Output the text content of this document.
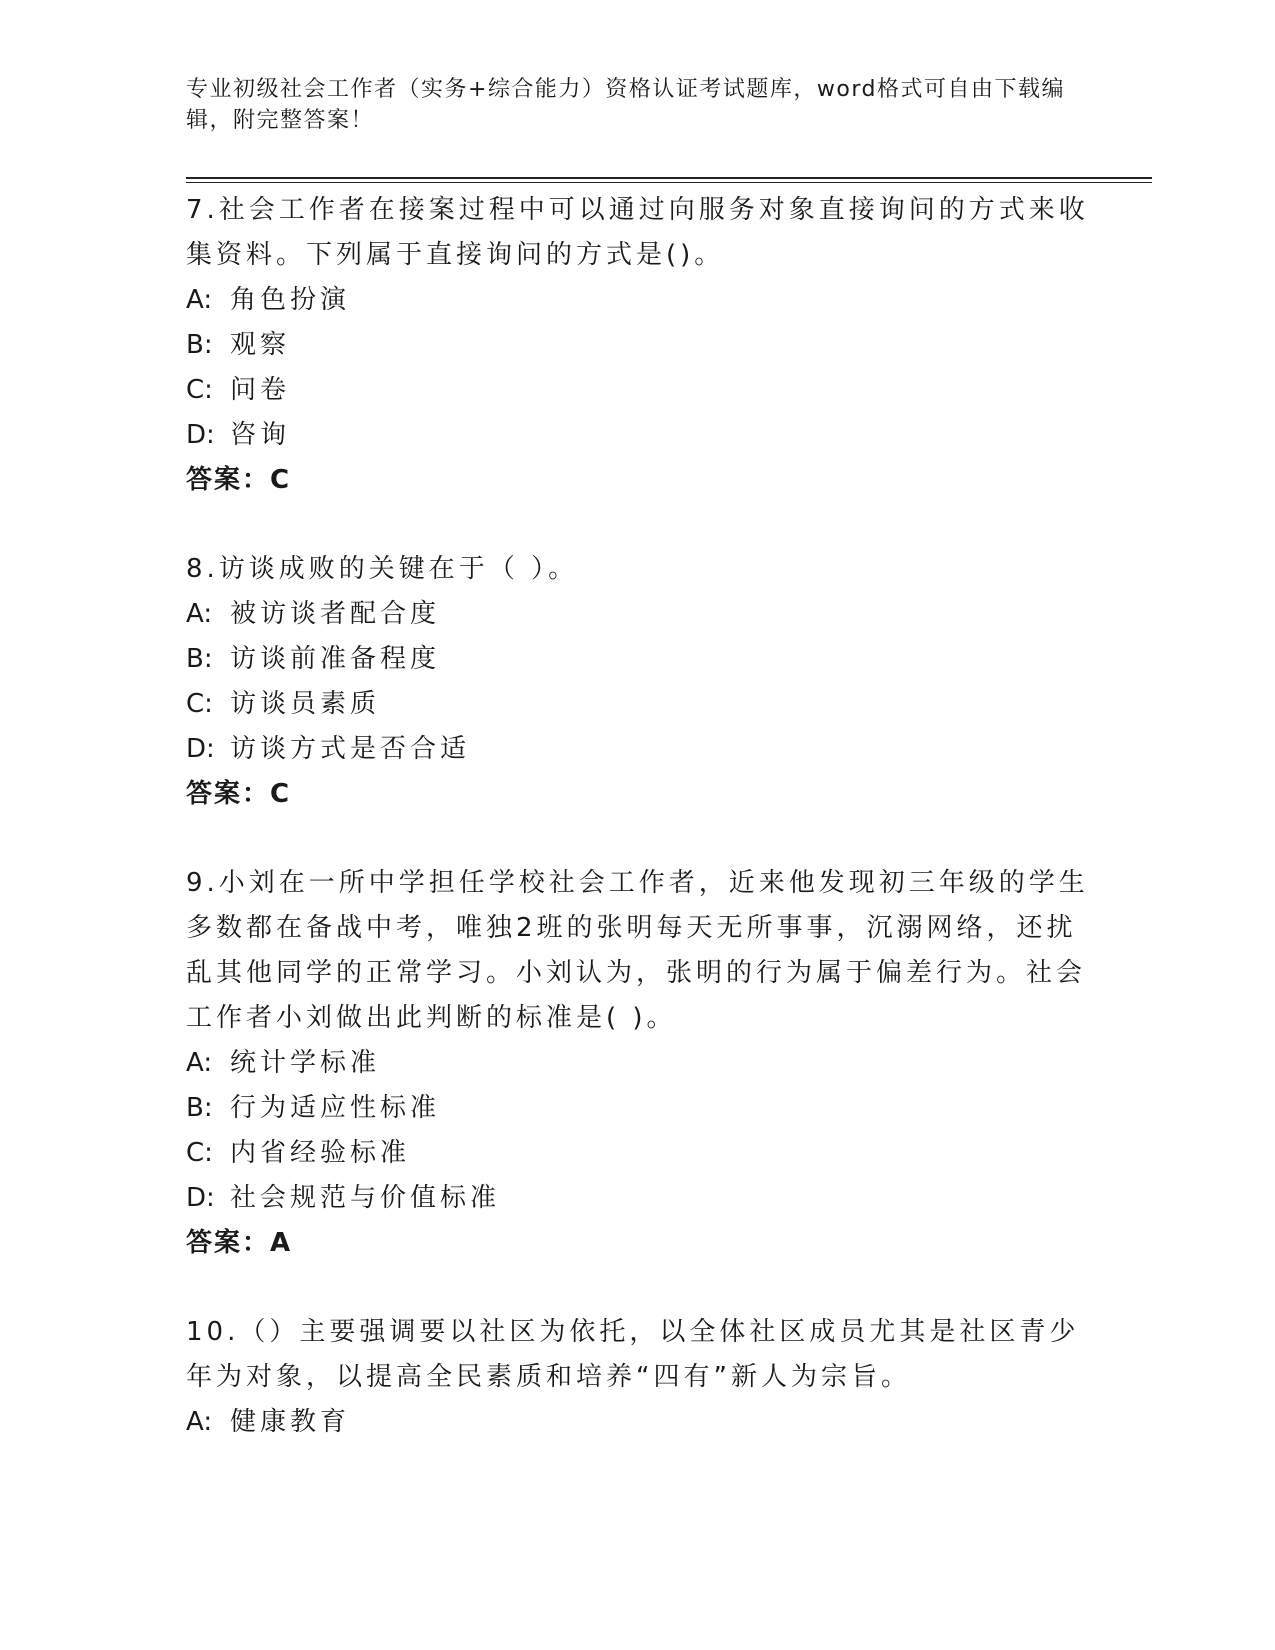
专业初级社会工作者（实务+综合能力）资格认证考试题库，word格式可自由下载编辑，附完整答案！

7.社会工作者在接案过程中可以通过向服务对象直接询问的方式来收集资料。下列属于直接询问的方式是()。

A: 角色扮演

B: 观察

C: 问卷

D: 咨询

答案：C

8.访谈成败的关键在于（ ）。

A: 被访谈者配合度

B: 访谈前准备程度

C: 访谈员素质

D: 访谈方式是否合适

答案：C

9.小刘在一所中学担任学校社会工作者，近来他发现初三年级的学生多数都在备战中考，唯独2班的张明每天无所事事，沉溺网络，还扰乱其他同学的正常学习。小刘认为，张明的行为属于偏差行为。社会工作者小刘做出此判断的标准是( )。

A: 统计学标准

B: 行为适应性标准

C: 内省经验标准

D: 社会规范与价值标准

答案：A

10.（）主要强调要以社区为依托，以全体社区成员尤其是社区青少年为对象，以提高全民素质和培养“四有”新人为宗旨。

A: 健康教育
